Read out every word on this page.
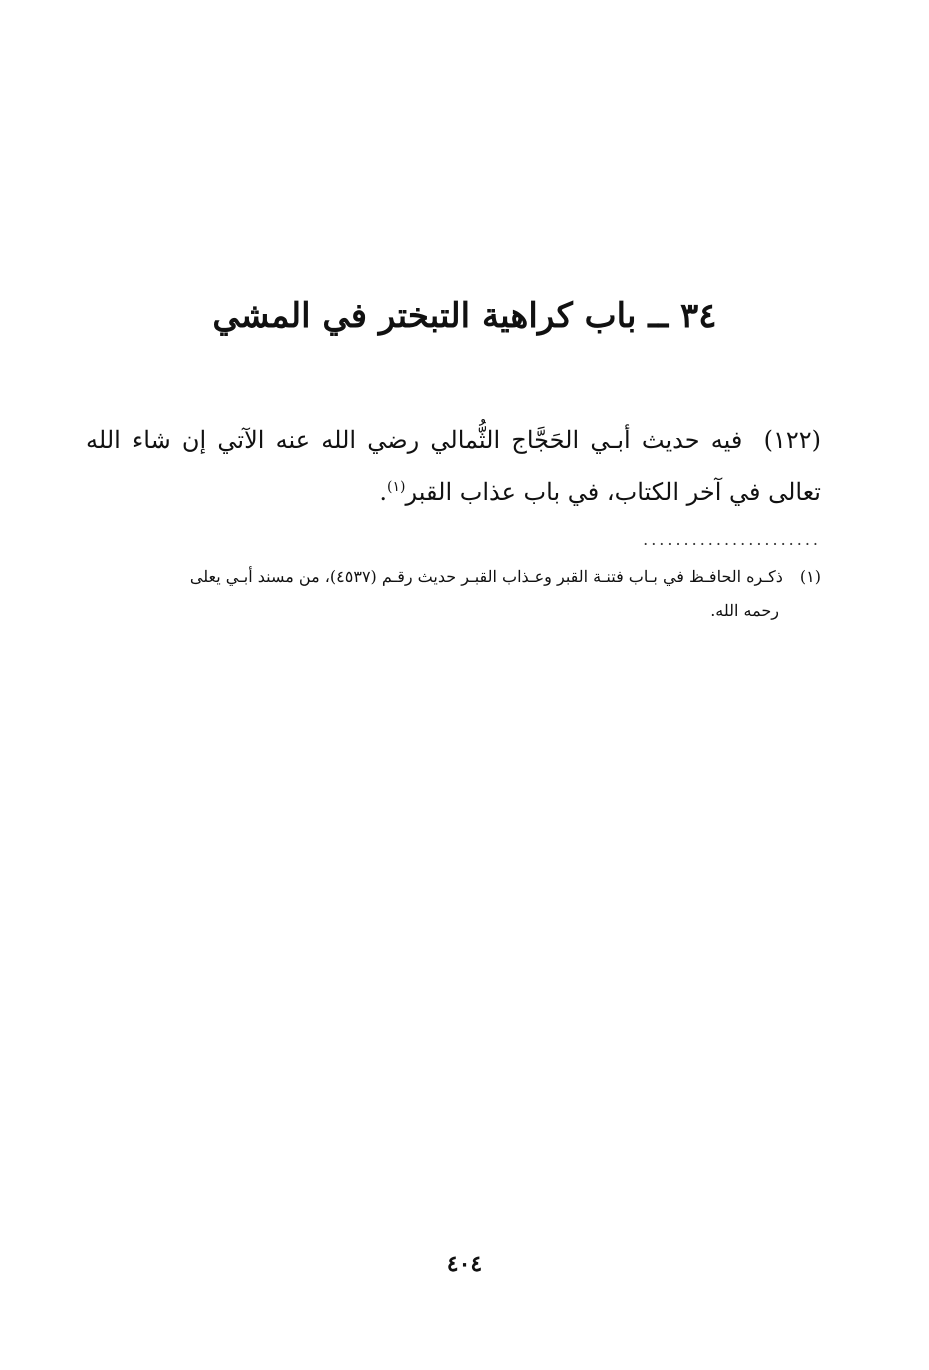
٣٤ ــ باب كراهية التبختر في المشي
(١٢٢) فيه حديث أبـي الحَجَّاج الثُّمالي رضي الله عنه الآتي إن شاء الله تعالى في آخر الكتاب، في باب عذاب القبر$^{(١)}$.
......................
(١) ذكـره الحافـظ في بـاب فتنـة القبر وعـذاب القبـر حديث رقـم (٤٥٣٧)، من مسند أبـي يعلى
رحمه الله.
٤٠٤
